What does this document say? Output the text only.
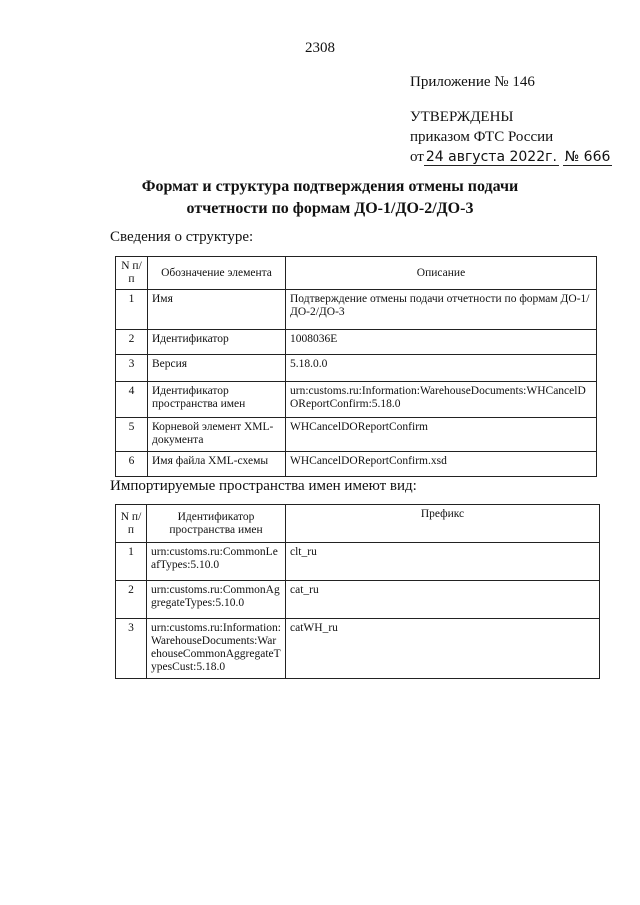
2308
Приложение № 146
УТВЕРЖДЕНЫ
приказом ФТС России
от 24 августа 2022г. № 666
Формат и структура подтверждения отмены подачи
отчетности по формам ДО-1/ДО-2/ДО-3
Сведения о структуре:
N п/п	Обозначение элемента	Описание
1	Имя	Подтверждение отмены подачи отчетности по формам ДО-1/ДО-2/ДО-3
2	Идентификатор	1008036E
3	Версия	5.18.0.0
4	Идентификатор пространства имен	urn:customs.ru:Information:WarehouseDocuments:WHCancelDOReportConfirm:5.18.0
5	Корневой элемент XML-документа	WHCancelDOReportConfirm
6	Имя файла XML-схемы	WHCancelDOReportConfirm.xsd
Импортируемые пространства имен имеют вид:
N п/п	Идентификатор пространства имен	Префикс
1	urn:customs.ru:CommonLeafTypes:5.10.0	clt_ru
2	urn:customs.ru:CommonAggregateTypes:5.10.0	cat_ru
3	urn:customs.ru:Information:WarehouseDocuments:WarehouseCommonAggregateTypesCust:5.18.0	catWH_ru
